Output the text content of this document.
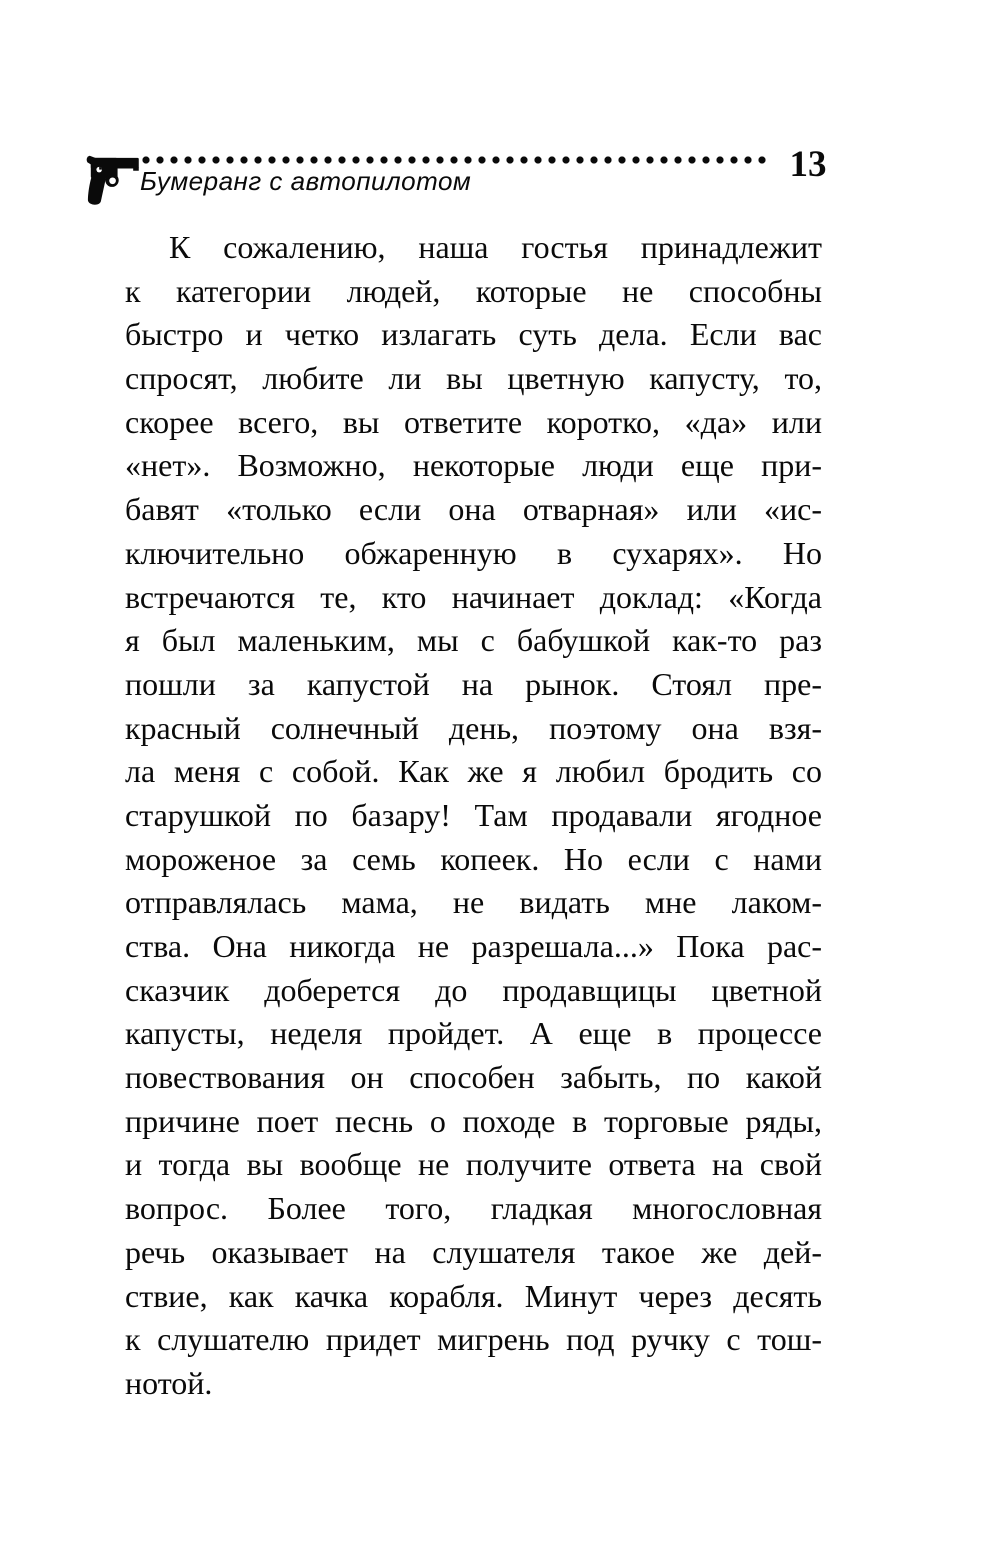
13
Бумеранг с автопилотом
К сожалению, наша гостья принадлежит
к категории людей, которые не способны
быстро и четко излагать суть дела. Если вас
спросят, любите ли вы цветную капусту, то,
скорее всего, вы ответите коротко, «да» или
«нет». Возможно, некоторые люди еще при-
бавят «только если она отварная» или «ис-
ключительно обжаренную в сухарях». Но
встречаются те, кто начинает доклад: «Когда
я был маленьким, мы с бабушкой как-то раз
пошли за капустой на рынок. Стоял пре-
красный солнечный день, поэтому она взя-
ла меня с собой. Как же я любил бродить со
старушкой по базару! Там продавали ягодное
мороженое за семь копеек. Но если с нами
отправлялась мама, не видать мне лаком-
ства. Она никогда не разрешала...» Пока рас-
сказчик доберется до продавщицы цветной
капусты, неделя пройдет. А еще в процессе
повествования он способен забыть, по какой
причине поет песнь о походе в торговые ряды,
и тогда вы вообще не получите ответа на свой
вопрос. Более того, гладкая многословная
речь оказывает на слушателя такое же дей-
ствие, как качка корабля. Минут через десять
к слушателю придет мигрень под ручку с тош-
нотой.
